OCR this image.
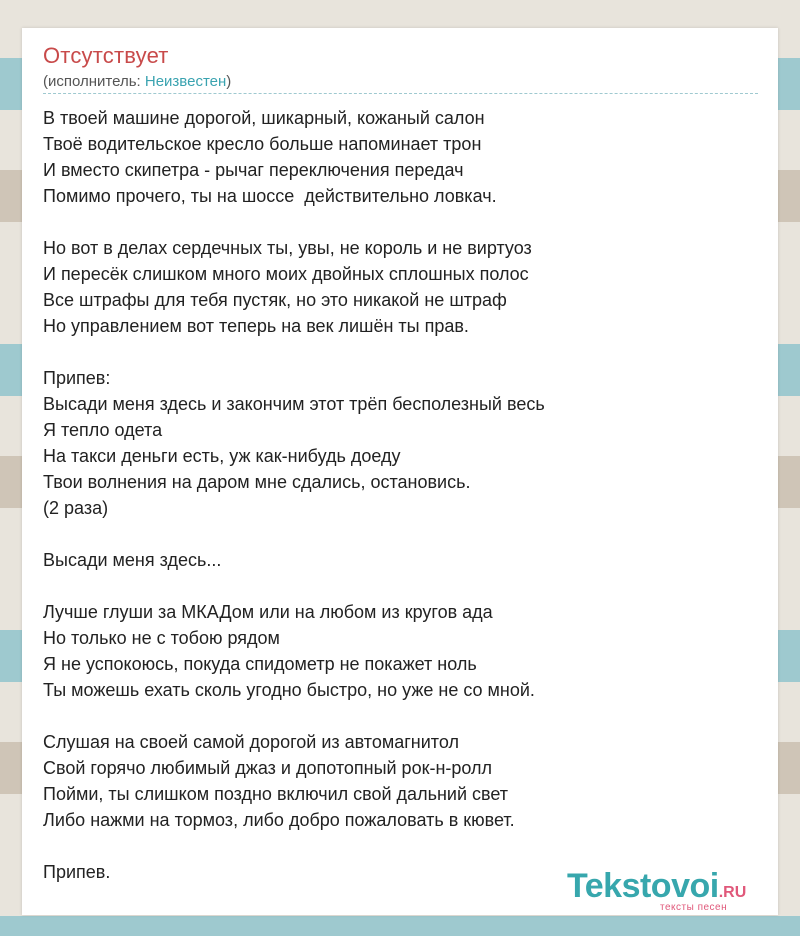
Отсутствует
(исполнитель: Неизвестен)
В твоей машине дорогой, шикарный, кожаный салон
Твоё водительское кресло больше напоминает трон
И вместо скипетра - рычаг переключения передач
Помимо прочего, ты на шоссе  действительно ловкач.
Но вот в делах сердечных ты, увы, не король и не виртуоз
И пересёк слишком много моих двойных сплошных полос
Все штрафы для тебя пустяк, но это никакой не штраф
Но управлением вот теперь на век лишён ты прав.
Припев:
Высади меня здесь и закончим этот трёп бесполезный весь
Я тепло одета
На такси деньги есть, уж как-нибудь доеду
Твои волнения на даром мне сдались, остановись.
(2 раза)
Высади меня здесь...
Лучше глуши за МКАДом или на любом из кругов ада
Но только не с тобою рядом
Я не успокоюсь, покуда спидометр не покажет ноль
Ты можешь ехать сколь угодно быстро, но уже не со мной.
Слушая на своей самой дорогой из автомагнитол
Свой горячо любимый джаз и допотопный рок-н-ролл
Пойми, ты слишком поздно включил свой дальний свет
Либо нажми на тормоз, либо добро пожаловать в кювет.
Припев.	Tekstovoi.RU
тексты песен
